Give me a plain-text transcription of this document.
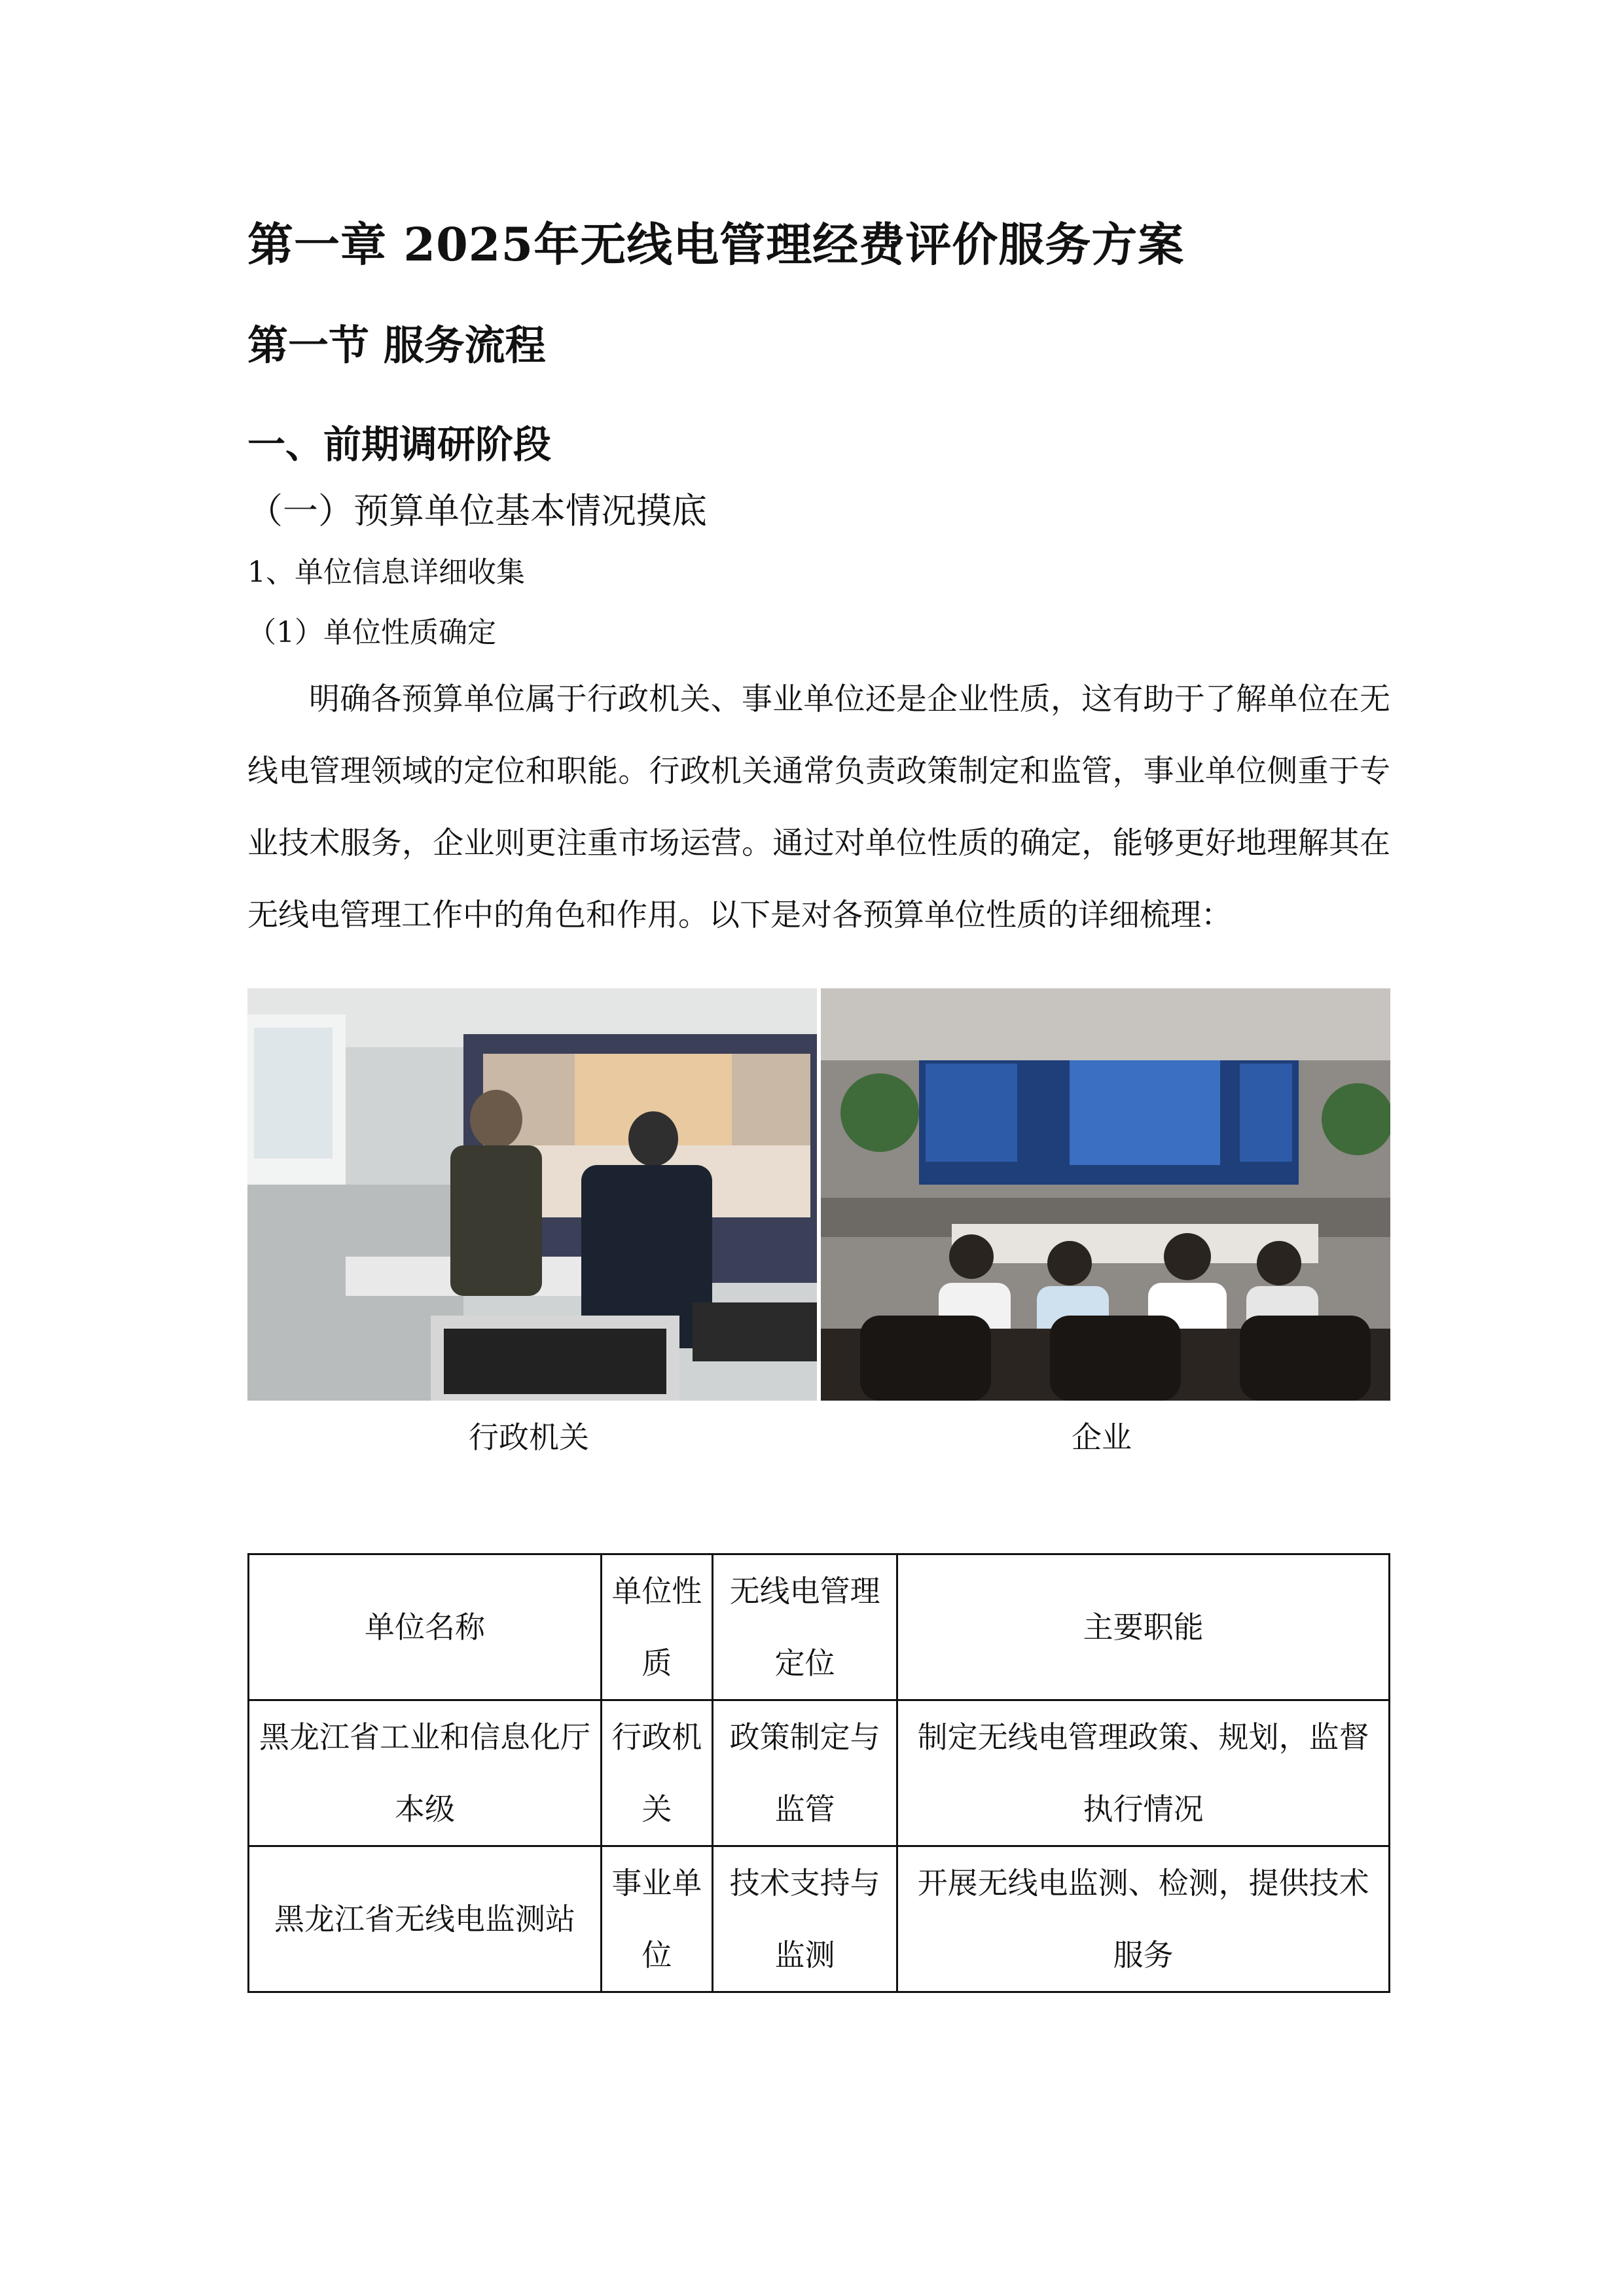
第一章 2025年无线电管理经费评价服务方案
第一节 服务流程
一、前期调研阶段
（一）预算单位基本情况摸底
1、单位信息详细收集
（1）单位性质确定

明确各预算单位属于行政机关、事业单位还是企业性质，这有助于了解单位在无线电管理领域的定位和职能。行政机关通常负责政策制定和监管，事业单位侧重于专业技术服务，企业则更注重市场运营。通过对单位性质的确定，能够更好地理解其在无线电管理工作中的角色和作用。以下是对各预算单位性质的详细梳理：

行政机关	企业
单位名称	单位性质	无线电管理定位	主要职能
黑龙江省工业和信息化厅本级	行政机关	政策制定与监管	制定无线电管理政策、规划，监督执行情况
黑龙江省无线电监测站	事业单位	技术支持与监测	开展无线电监测、检测，提供技术服务
